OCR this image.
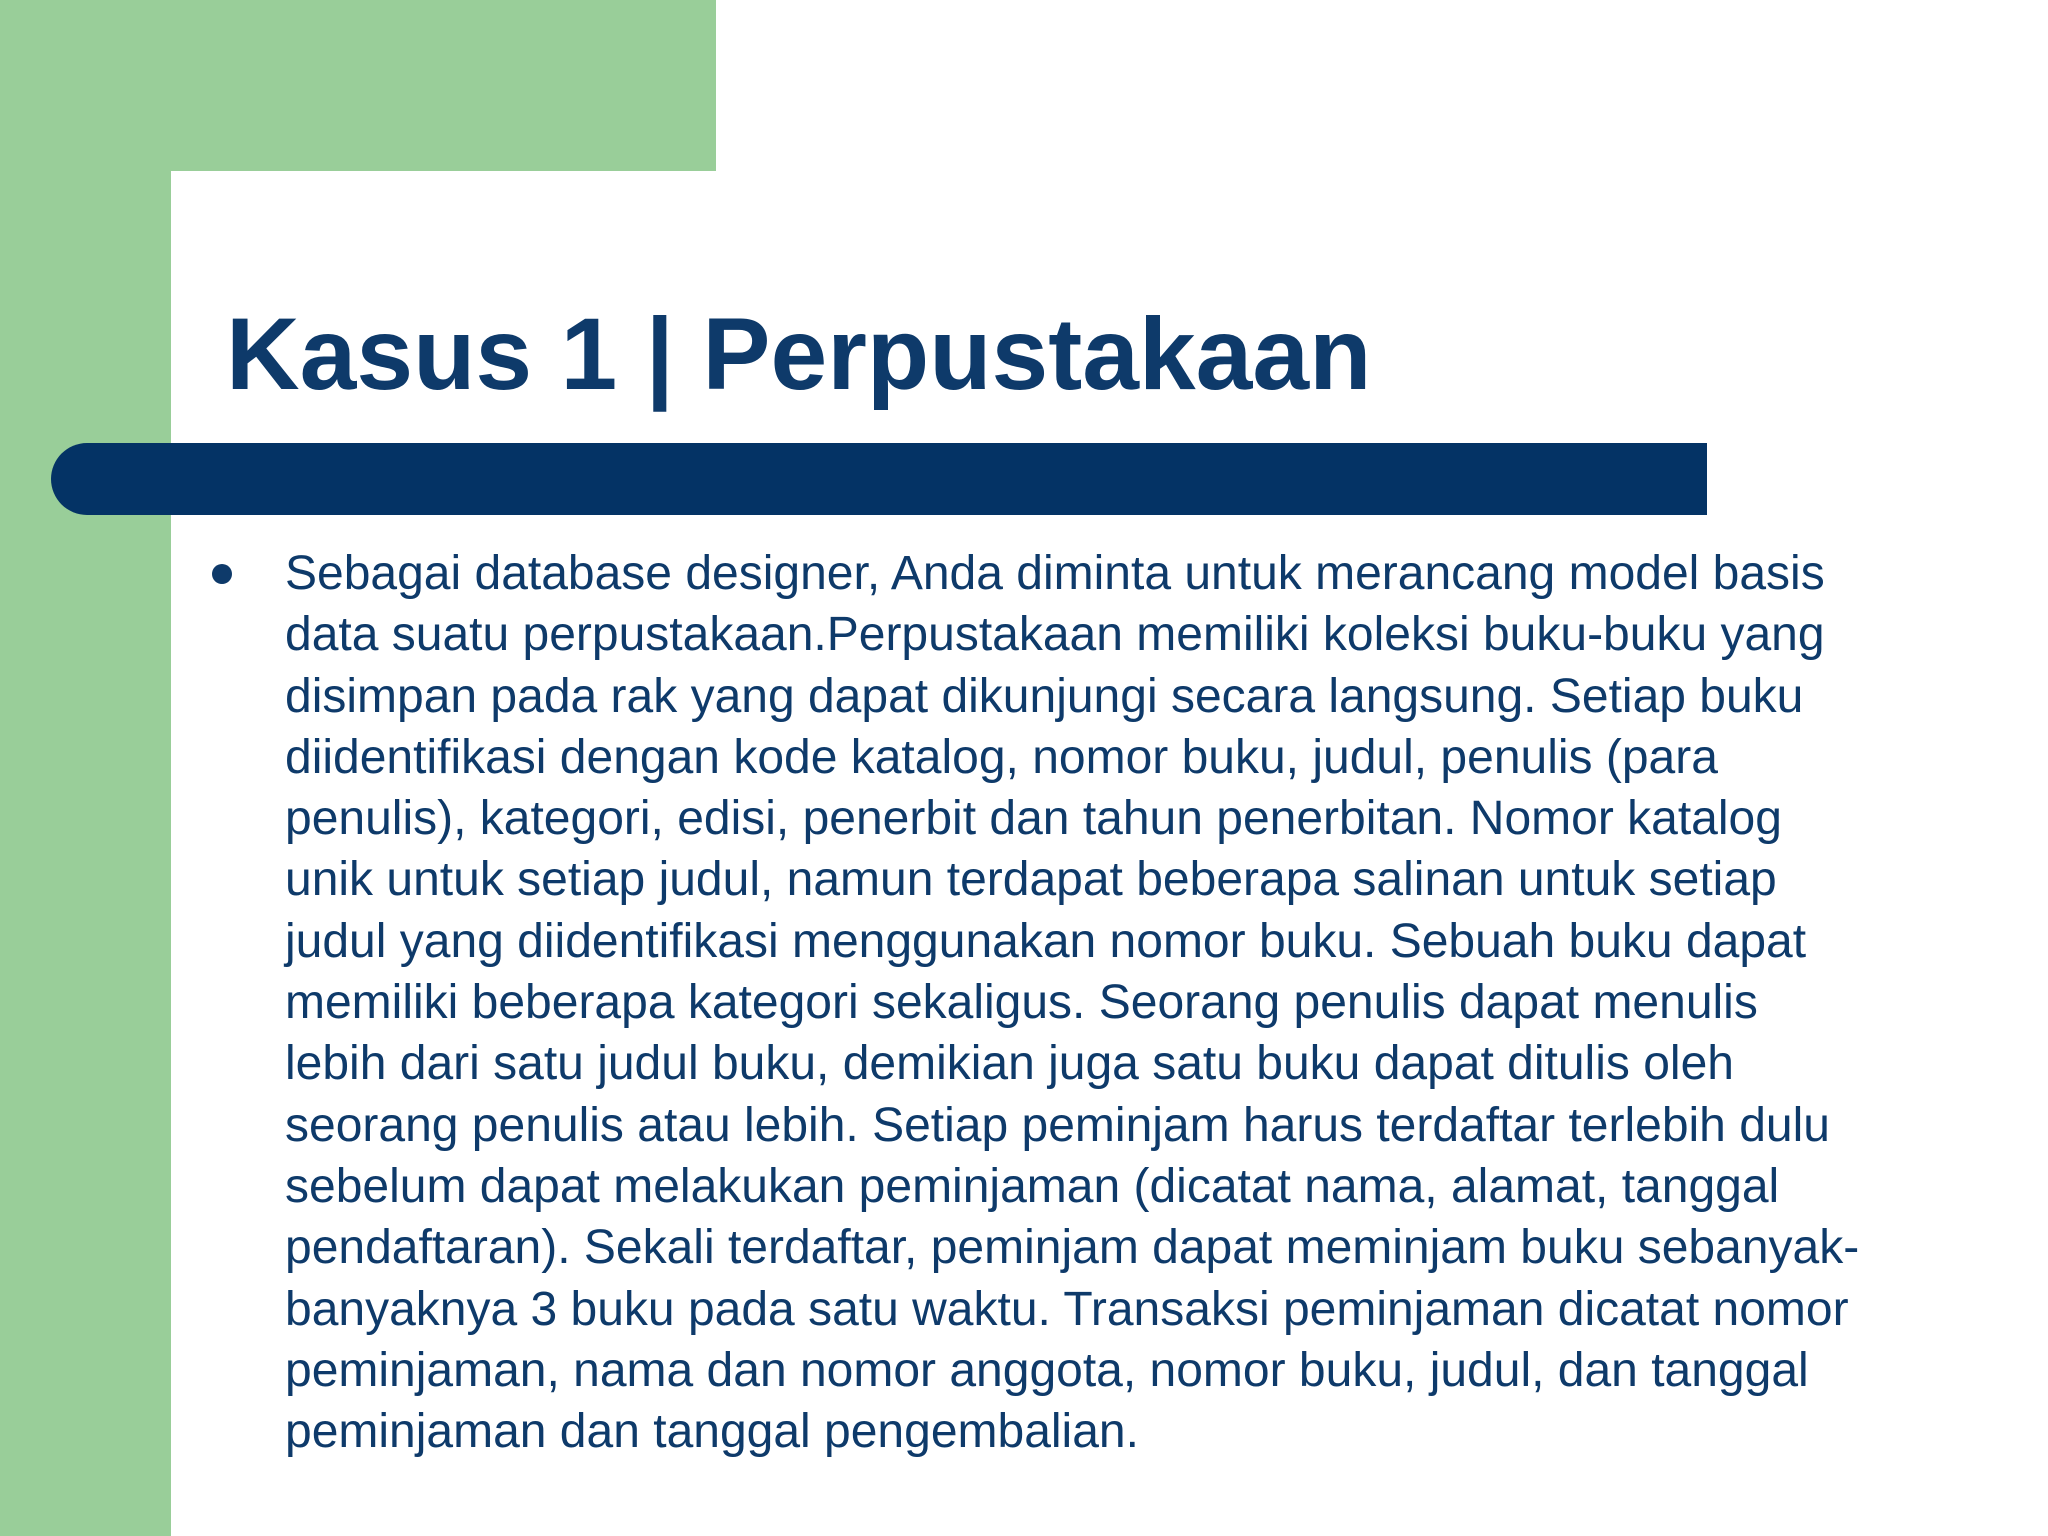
Kasus 1 | Perpustakaan

Sebagai database designer, Anda diminta untuk merancang model basis
data suatu perpustakaan.Perpustakaan memiliki koleksi buku-buku yang
disimpan pada rak yang dapat dikunjungi secara langsung. Setiap buku
diidentifikasi dengan kode katalog, nomor buku, judul, penulis (para
penulis), kategori, edisi, penerbit dan tahun penerbitan. Nomor katalog
unik untuk setiap judul, namun terdapat beberapa salinan untuk setiap
judul yang diidentifikasi menggunakan nomor buku. Sebuah buku dapat
memiliki beberapa kategori sekaligus. Seorang penulis dapat menulis
lebih dari satu judul buku, demikian juga satu buku dapat ditulis oleh
seorang penulis atau lebih. Setiap peminjam harus terdaftar terlebih dulu
sebelum dapat melakukan peminjaman (dicatat nama, alamat, tanggal
pendaftaran). Sekali terdaftar, peminjam dapat meminjam buku sebanyak-
banyaknya 3 buku pada satu waktu. Transaksi peminjaman dicatat nomor
peminjaman, nama dan nomor anggota, nomor buku, judul, dan tanggal
peminjaman dan tanggal pengembalian.
